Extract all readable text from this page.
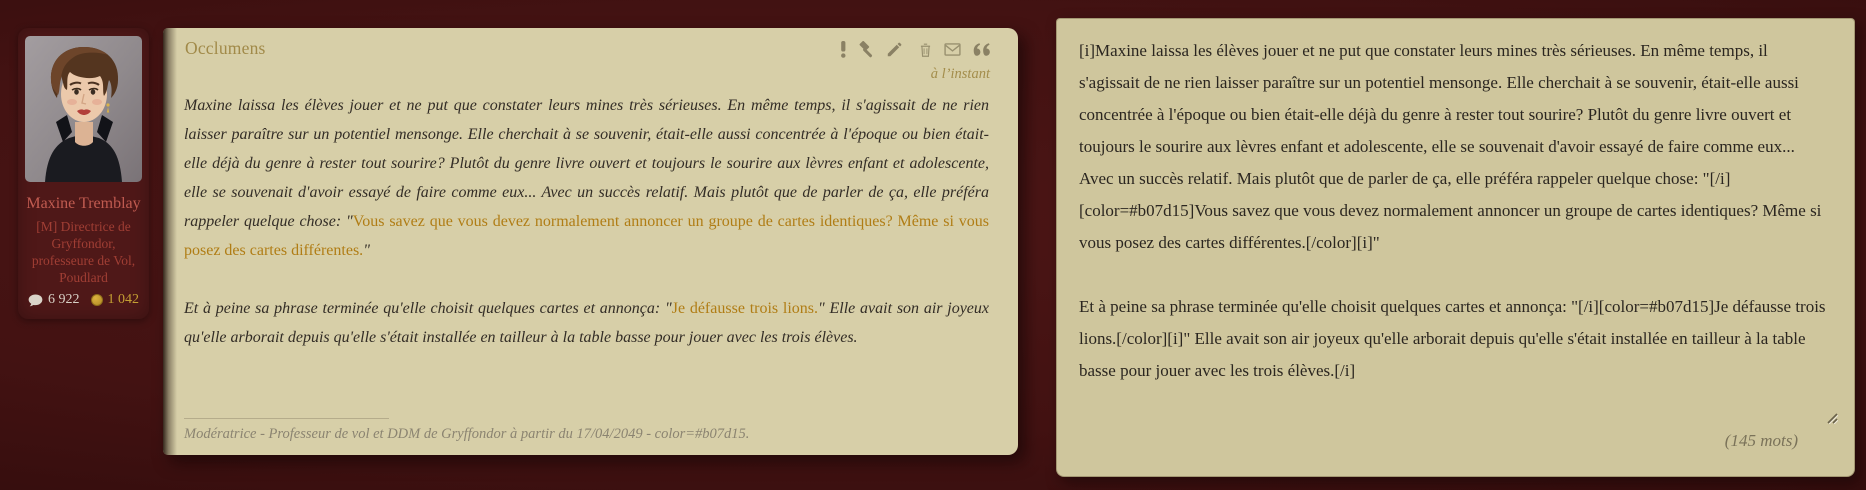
Maxine Tremblay
[M] Directrice de Gryffondor, professeure de Vol, Poudlard
6 922 1 042
Occlumens
à l’instant

Maxine laissa les élèves jouer et ne put que constater leurs mines très sérieuses. En même temps, il s'agissait de ne rien laisser paraître sur un potentiel mensonge. Elle cherchait à se souvenir, était-elle aussi concentrée à l'époque ou bien était-elle déjà du genre à rester tout sourire? Plutôt du genre livre ouvert et toujours le sourire aux lèvres enfant et adolescente, elle se souvenait d'avoir essayé de faire comme eux... Avec un succès relatif. Mais plutôt que de parler de ça, elle préféra rappeler quelque chose: "Vous savez que vous devez normalement annoncer un groupe de cartes identiques? Même si vous posez des cartes différentes."

Et à peine sa phrase terminée qu'elle choisit quelques cartes et annonça: "Je défausse trois lions." Elle avait son air joyeux qu'elle arborait depuis qu'elle s'était installée en tailleur à la table basse pour jouer avec les trois élèves.

Modératrice - Professeur de vol et DDM de Gryffondor à partir du 17/04/2049 - color=#b07d15.
[i]Maxine laissa les élèves jouer et ne put que constater leurs mines très sérieuses. En même temps, il s'agissait de ne rien laisser paraître sur un potentiel mensonge. Elle cherchait à se souvenir, était-elle aussi concentrée à l'époque ou bien était-elle déjà du genre à rester tout sourire? Plutôt du genre livre ouvert et toujours le sourire aux lèvres enfant et adolescente, elle se souvenait d'avoir essayé de faire comme eux... Avec un succès relatif. Mais plutôt que de parler de ça, elle préféra rappeler quelque chose: "[/i][color=#b07d15]Vous savez que vous devez normalement annoncer un groupe de cartes identiques? Même si vous posez des cartes différentes.[/color][i]" Et à peine sa phrase terminée qu'elle choisit quelques cartes et annonça: "[/i][color=#b07d15]Je défausse trois lions.[/color][i]" Elle avait son air joyeux qu'elle arborait depuis qu'elle s'était installée en tailleur à la table basse pour jouer avec les trois élèves.[/i]	(145 mots)
